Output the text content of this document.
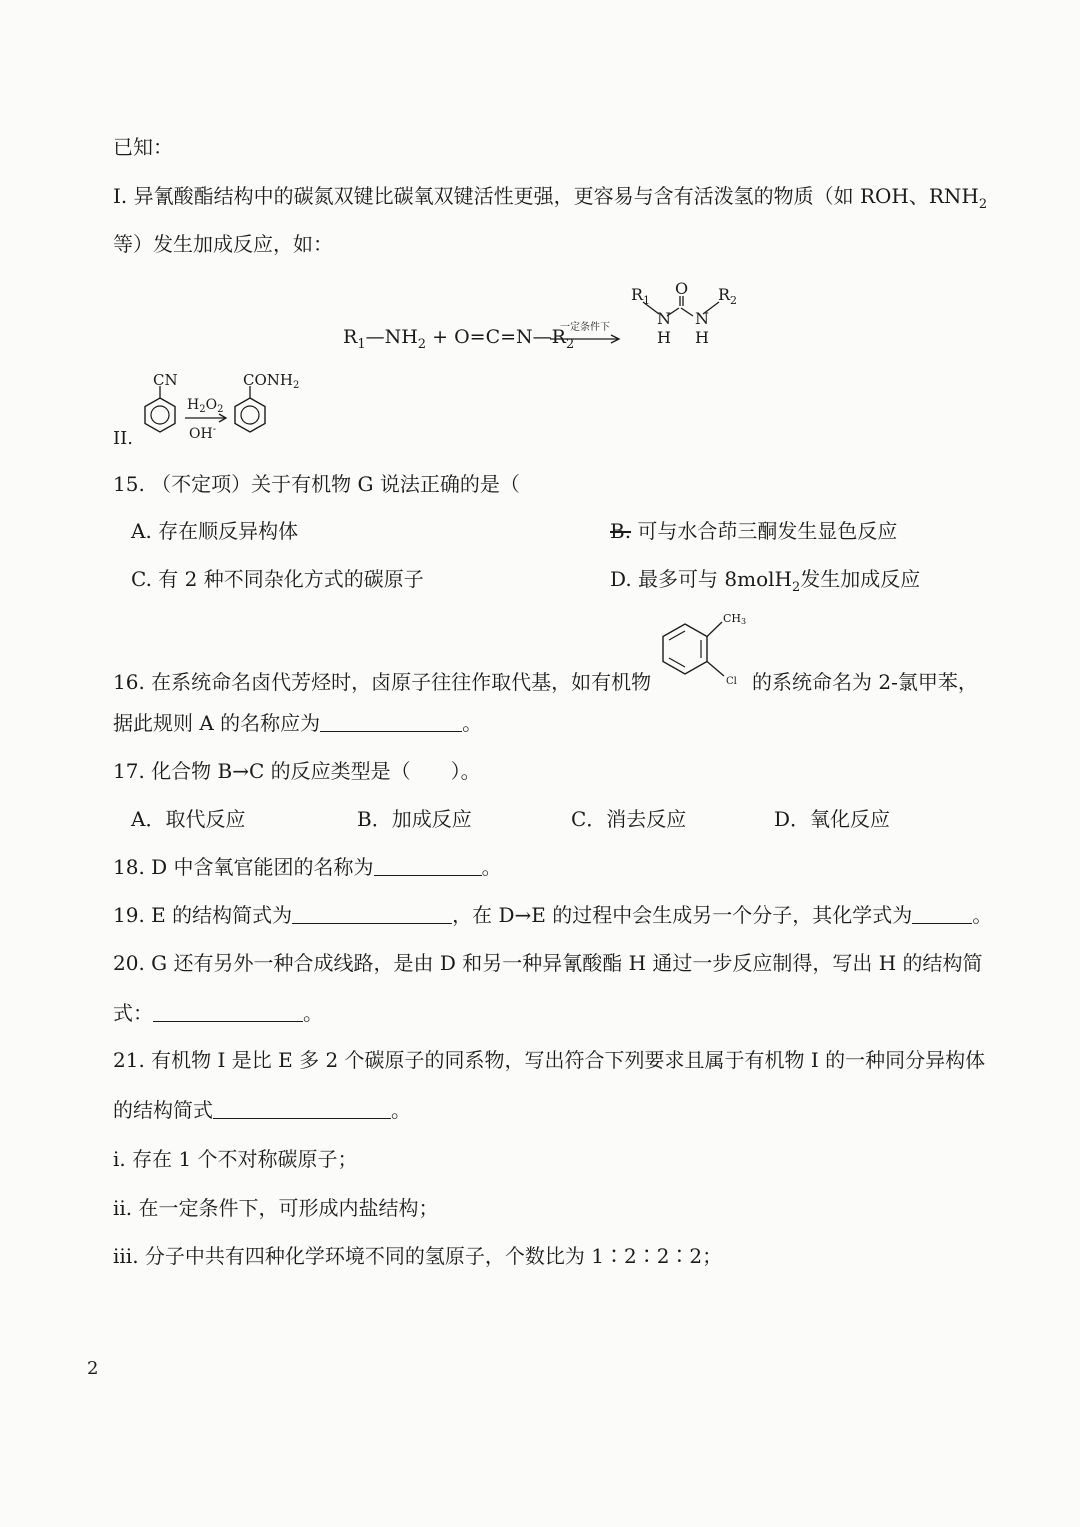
已知：
I. 异氰酸酯结构中的碳氮双键比碳氧双键活性更强，更容易与含有活泼氢的物质（如 ROH、$RNH_2$
等）发生加成反应，如：
$R_1—NH_2$ + $O=C=N—R_2$
一定条件下
$R_1$
O $R_2$
N N
H H
II.
CN
$H_2O_2$
OH-
$CONH_2$
15. （不定项）关于有机物 G 说法正确的是（
A. 存在顺反异构体	B. 可与水合茚三酮发生显色反应
C. 有 2 种不同杂化方式的碳原子	D. 最多可与 8molH$_2$发生加成反应
16. 在系统命名卤代芳烃时，卤原子往往作取代基，如有机物
CH3
Cl 的系统命名为 2-氯甲苯，
据此规则 A 的名称应为	。
17. 化合物 B→C 的反应类型是（　　）。
A．取代反应	B．加成反应	C．消去反应	D．氧化反应
18. D 中含氧官能团的名称为	。
19. E 的结构简式为	，在 D→E 的过程中会生成另一个分子，其化学式为	。
20. G 还有另外一种合成线路，是由 D 和另一种异氰酸酯 H 通过一步反应制得，写出 H 的结构简
式：	。
21. 有机物 I 是比 E 多 2 个碳原子的同系物，写出符合下列要求且属于有机物 I 的一种同分异构体
的结构简式	。
i. 存在 1 个不对称碳原子；
ii. 在一定条件下，可形成内盐结构；
iii. 分子中共有四种化学环境不同的氢原子，个数比为 1∶2∶2∶2；
2
